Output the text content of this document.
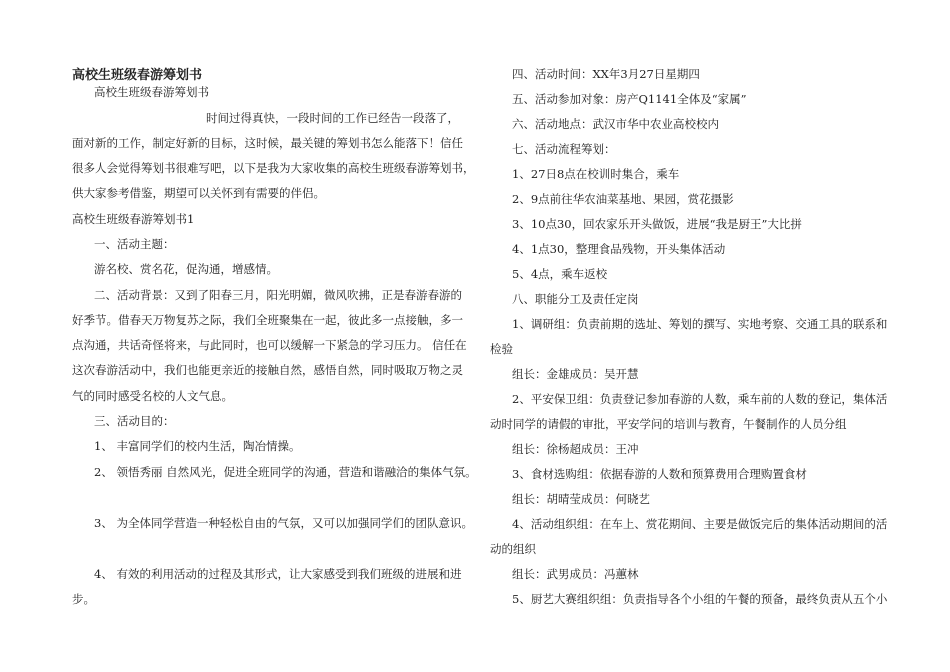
高校生班级春游筹划书
高校生班级春游筹划书
时间过得真快，一段时间的工作已经告一段落了，
面对新的工作，制定好新的目标，这时候，最关键的筹划书怎么能落下！信任
很多人会觉得筹划书很难写吧，以下是我为大家收集的高校生班级春游筹划书，
供大家参考借鉴，期望可以关怀到有需要的伴侣。
高校生班级春游筹划书1
一、活动主题：
游名校、赏名花，促沟通，增感情。
二、活动背景：又到了阳春三月，阳光明媚，微风吹拂，正是春游春游的
好季节。借春天万物复苏之际，我们全班聚集在一起，彼此多一点接触，多一
点沟通，共话奇怪将来，与此同时，也可以缓解一下紧急的学习压力。 信任在
这次春游活动中，我们也能更亲近的接触自然，感悟自然，同时吸取万物之灵
气的同时感受名校的人文气息。
三、活动目的：
1、 丰富同学们的校内生活，陶冶情操。
2、 领悟秀丽 自然风光，促进全班同学的沟通，营造和谐融洽的集体气氛。
3、 为全体同学营造一种轻松自由的气氛，又可以加强同学们的团队意识。
4、 有效的利用活动的过程及其形式，让大家感受到我们班级的进展和进
步。
四、活动时间：XX年3月27日星期四
五、活动参加对象：房产Q1141全体及“家属”
六、活动地点：武汉市华中农业高校校内
七、活动流程筹划：
1、27日8点在校训时集合，乘车
2、9点前往华农油菜基地、果园，赏花摄影
3、10点30，回农家乐开头做饭，进展“我是厨王”大比拼
4、1点30，整理食品残物，开头集体活动
5、4点，乘车返校
八、职能分工及责任定岗
1、调研组：负责前期的选址、筹划的撰写、实地考察、交通工具的联系和
检验
组长：金雄成员：吴开慧
2、平安保卫组：负责登记参加春游的人数，乘车前的人数的登记，集体活
动时同学的请假的审批，平安学问的培训与教育，午餐制作的人员分组
组长：徐杨超成员：王冲
3、食材选购组：依据春游的人数和预算费用合理购置食材
组长：胡晴莹成员：何晓艺
4、活动组织组：在车上、赏花期间、主要是做饭完后的集体活动期间的活
动的组织
组长：武男成员：冯蕙林
5、厨艺大赛组织组：负责指导各个小组的午餐的预备，最终负责从五个小
